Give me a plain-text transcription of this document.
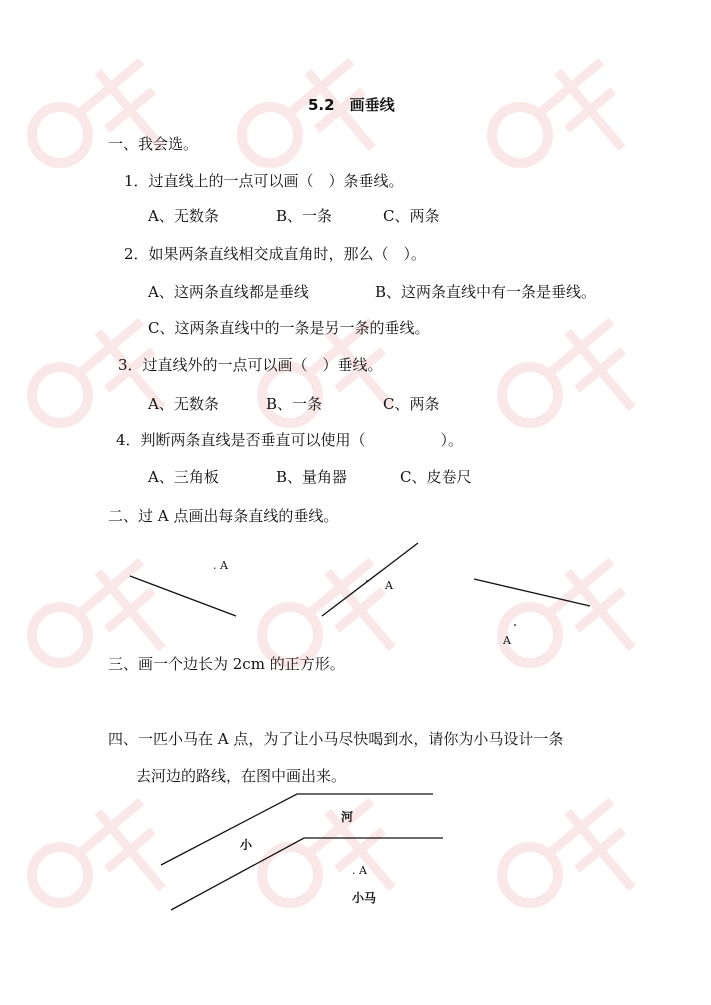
5.2　画垂线
一、我会选。
1．过直线上的一点可以画（　）条垂线。
A、无数条	B、一条	C、两条
2．如果两条直线相交成直角时，那么（　）。
A、这两条直线都是垂线	B、这两条直线中有一条是垂线。
C、这两条直线中的一条是另一条的垂线。
3．过直线外的一点可以画（　）垂线。
A、无数条	B、一条	C、两条
4．判断两条直线是否垂直可以使用（　　　　　）。
A、三角板	B、量角器	C、皮卷尺
二、过 A 点画出每条直线的垂线。
. A
A
A
三、画一个边长为 2cm 的正方形。
四、一匹小马在 A 点，为了让小马尽快喝到水，请你为小马设计一条
去河边的路线，在图中画出来。
河
小
. A
小马
